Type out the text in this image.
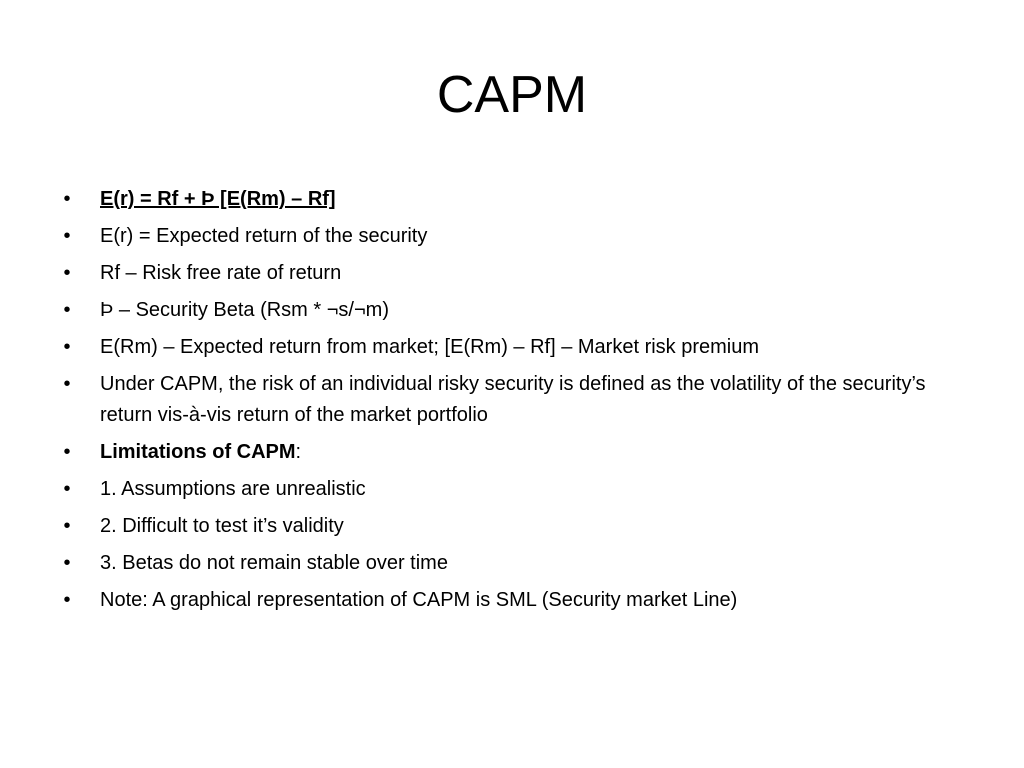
CAPM
• E(r) = Rf + Þ [E(Rm) – Rf]
• E(r) = Expected return of the security
• Rf – Risk free rate of return
• Þ – Security Beta (Rsm * ¬s/¬m)
• E(Rm) – Expected return from market; [E(Rm) – Rf] – Market risk premium
• Under CAPM, the risk of an individual risky security is defined as the volatility of the security’s return vis-à-vis return of the market portfolio
• Limitations of CAPM:
• 1. Assumptions are unrealistic
• 2. Difficult to test it’s validity
• 3. Betas do not remain stable over time
• Note: A graphical representation of CAPM is SML (Security market Line)
